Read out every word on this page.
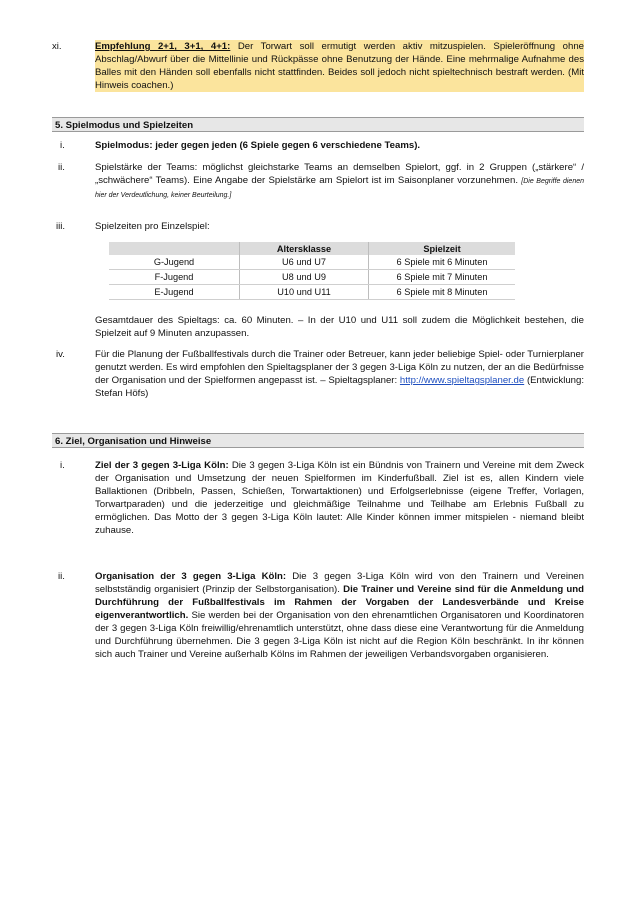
xi.	Empfehlung 2+1, 3+1, 4+1: Der Torwart soll ermutigt werden aktiv mitzuspielen. Spieleröffnung ohne Abschlag/Abwurf über die Mittellinie und Rückpässe ohne Benutzung der Hände. Eine mehrmalige Aufnahme des Balles mit den Händen soll ebenfalls nicht stattfinden. Beides soll jedoch nicht spieltechnisch bestraft werden. (Mit Hinweis coachen.)
5. Spielmodus und Spielzeiten
i.	Spielmodus: jeder gegen jeden (6 Spiele gegen 6 verschiedene Teams).
ii.	Spielstärke der Teams: möglichst gleichstarke Teams an demselben Spielort, ggf. in 2 Gruppen („stärkere“ / „schwächere“ Teams). Eine Angabe der Spielstärke am Spielort ist im Saisonplaner vorzunehmen. [Die Begriffe dienen hier der Verdeutlichung, keiner Beurteilung.]
iii.	Spielzeiten pro Einzelspiel:
	Altersklasse	Spielzeit
G-Jugend	U6 und U7	6 Spiele mit 6 Minuten
F-Jugend	U8 und U9	6 Spiele mit 7 Minuten
E-Jugend	U10 und U11	6 Spiele mit 8 Minuten
Gesamtdauer des Spieltags: ca. 60 Minuten. – In der U10 und U11 soll zudem die Möglichkeit bestehen, die Spielzeit auf 9 Minuten anzupassen.
iv.	Für die Planung der Fußballfestivals durch die Trainer oder Betreuer, kann jeder beliebige Spiel- oder Turnierplaner genutzt werden. Es wird empfohlen den Spieltagsplaner der 3 gegen 3-Liga Köln zu nutzen, der an die Bedürfnisse der Organisation und der Spielformen angepasst ist. – Spieltagsplaner: http://www.spieltagsplaner.de (Entwicklung: Stefan Höfs)
6. Ziel, Organisation und Hinweise
i.	Ziel der 3 gegen 3-Liga Köln: Die 3 gegen 3-Liga Köln ist ein Bündnis von Trainern und Vereine mit dem Zweck der Organisation und Umsetzung der neuen Spielformen im Kinderfußball. Ziel ist es, allen Kindern viele Ballaktionen (Dribbeln, Passen, Schießen, Torwartaktionen) und Erfolgserlebnisse (eigene Treffer, Vorlagen, Torwartparaden) und die jederzeitige und gleichmäßige Teilnahme und Teilhabe am Erlebnis Fußball zu ermöglichen. Das Motto der 3 gegen 3-Liga Köln lautet: Alle Kinder können immer mitspielen - niemand bleibt zuhause.
ii.	Organisation der 3 gegen 3-Liga Köln: Die 3 gegen 3-Liga Köln wird von den Trainern und Vereinen selbstständig organisiert (Prinzip der Selbstorganisation). Die Trainer und Vereine sind für die Anmeldung und Durchführung der Fußballfestivals im Rahmen der Vorgaben der Landesverbände und Kreise eigenverantwortlich. Sie werden bei der Organisation von den ehrenamtlichen Organisatoren und Koordinatoren der 3 gegen 3-Liga Köln freiwillig/ehrenamtlich unterstützt, ohne dass diese eine Verantwortung für die Anmeldung und Durchführung übernehmen. Die 3 gegen 3-Liga Köln ist nicht auf die Region Köln beschränkt. In ihr können sich auch Trainer und Vereine außerhalb Kölns im Rahmen der jeweiligen Verbandsvorgaben organisieren.
